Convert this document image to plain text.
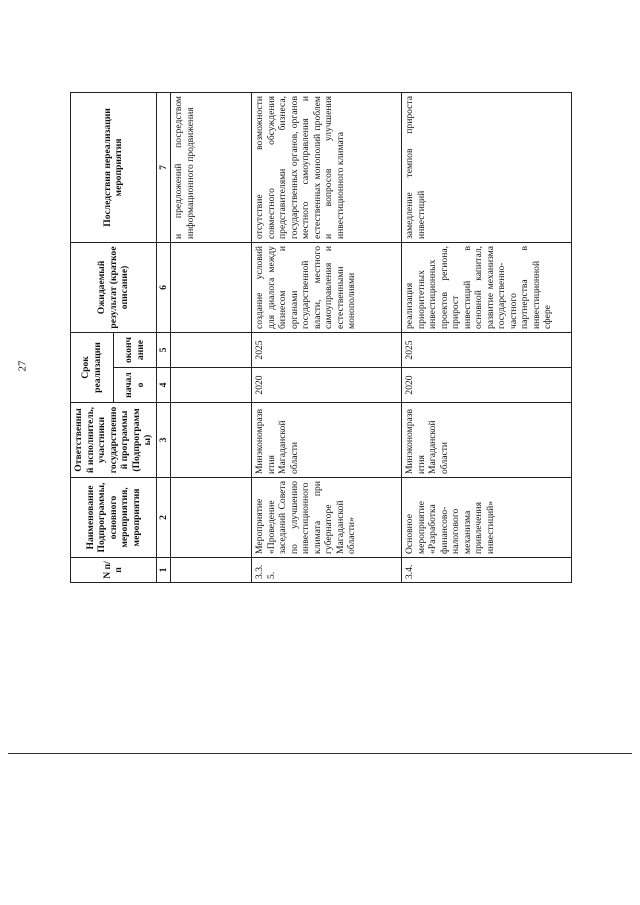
27
N п/п	Наименование Подпрограммы, основного мероприятия, мероприятия	Ответственный исполнитель, участники государственной программы (Подпрограммы)	Срок реализации		Ожидаемый результат (краткое описание)	Последствия нереализации мероприятия
			начало	окончание		
1	2	3	4	5	6	7
						и предложений посредством информационного продвижения
3.3.5.	Мероприятие «Проведение заседаний Совета по улучшению инвестиционного климата при губернаторе Магаданской области»	Минэкономразвития Магаданской области	2020	2025	создание условий для диалога между бизнесом и органами государственной власти, местного самоуправления и естественными монополиями	отсутствие возможности совместного обсуждения представителями бизнеса, государственных органов, органов местного самоуправления и естественных монополий проблем и вопросов улучшения инвестиционного климата
3.4.	Основное мероприятие «Разработка финансово-налогового механизма привлечения инвестиций»	Минэкономразвития Магаданской области	2020	2025	реализация приоритетных инвестиционных проектов региона, прирост инвестиций в основной капитал, развитие механизма государственно-частного партнерства в инвестиционной сфере	замедление темпов прироста инвестиций
